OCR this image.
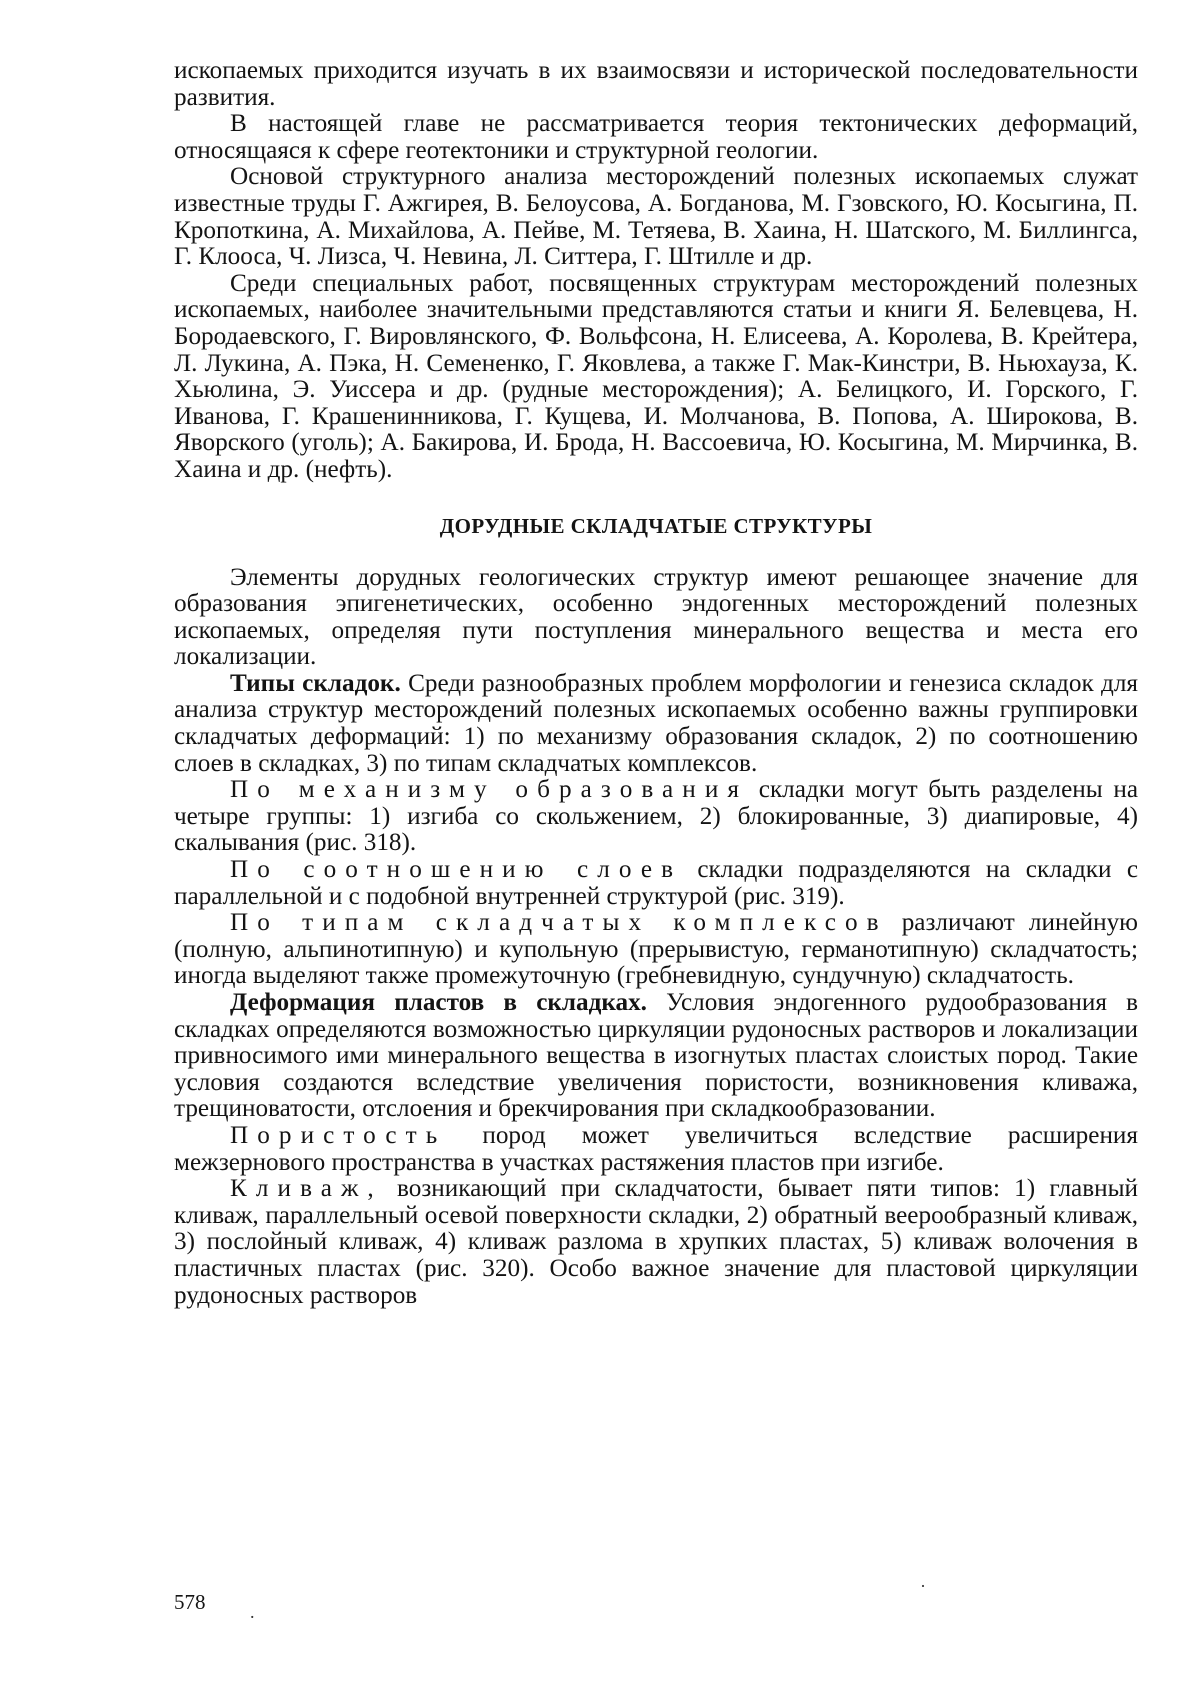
ископаемых приходится изучать в их взаимосвязи и исторической последовательности развития.

В настоящей главе не рассматривается теория тектонических деформаций, относящаяся к сфере геотектоники и структурной геологии.

Основой структурного анализа месторождений полезных ископаемых служат известные труды Г. Ажгирея, В. Белоусова, А. Богданова, М. Гзовского, Ю. Косыгина, П. Кропоткина, А. Михайлова, А. Пейве, М. Тетяева, В. Хаина, Н. Шатского, М. Биллингса, Г. Клооса, Ч. Лизса, Ч. Невина, Л. Ситтера, Г. Штилле и др.

Среди специальных работ, посвященных структурам месторождений полезных ископаемых, наиболее значительными представляются статьи и книги Я. Белевцева, Н. Бородаевского, Г. Вировлянского, Ф. Вольфсона, Н. Елисеева, А. Королева, В. Крейтера, Л. Лукина, А. Пэка, Н. Семененко, Г. Яковлева, а также Г. Мак-Кинстри, В. Ньюхауза, К. Хьюлина, Э. Уиссера и др. (рудные месторождения); А. Белицкого, И. Горского, Г. Иванова, Г. Крашенинникова, Г. Кущева, И. Молчанова, В. Попова, А. Широкова, В. Яворского (уголь); А. Бакирова, И. Брода, Н. Вассоевича, Ю. Косыгина, М. Мирчинка, В. Хаина и др. (нефть).

ДОРУДНЫЕ СКЛАДЧАТЫЕ СТРУКТУРЫ

Элементы дорудных геологических структур имеют решающее значение для образования эпигенетических, особенно эндогенных месторождений полезных ископаемых, определяя пути поступления минерального вещества и места его локализации.

Типы складок. Среди разнообразных проблем морфологии и генезиса складок для анализа структур месторождений полезных ископаемых особенно важны группировки складчатых деформаций: 1) по механизму образования складок, 2) по соотношению слоев в складках, 3) по типам складчатых комплексов.

По механизму образования складки могут быть разделены на четыре группы: 1) изгиба со скольжением, 2) блокированные, 3) диапировые, 4) скалывания (рис. 318).

По соотношению слоев складки подразделяются на складки с параллельной и с подобной внутренней структурой (рис. 319).

По типам складчатых комплексов различают линейную (полную, альпинотипную) и купольную (прерывистую, германотипную) складчатость; иногда выделяют также промежуточную (гребневидную, сундучную) складчатость.

Деформация пластов в складках. Условия эндогенного рудообразования в складках определяются возможностью циркуляции рудоносных растворов и локализации привносимого ими минерального вещества в изогнутых пластах слоистых пород. Такие условия создаются вследствие увеличения пористости, возникновения кливажа, трещиноватости, отслоения и брекчирования при складкообразовании.

Пористость пород может увеличиться вследствие расширения межзернового пространства в участках растяжения пластов при изгибе.

Кливаж, возникающий при складчатости, бывает пяти типов: 1) главный кливаж, параллельный осевой поверхности складки, 2) обратный веерообразный кливаж, 3) послойный кливаж, 4) кливаж разлома в хрупких пластах, 5) кливаж волочения в пластичных пластах (рис. 320). Особо важное значение для пластовой циркуляции рудоносных растворов

578
·
.
